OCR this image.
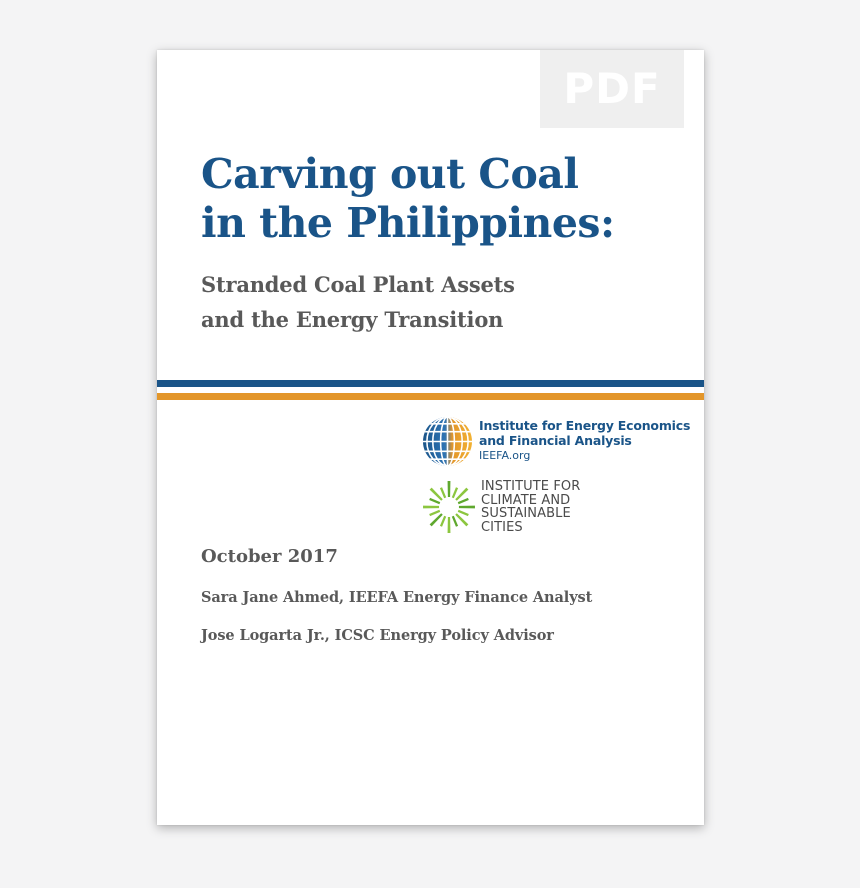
PDF
Carving out Coal
in the Philippines:
Stranded Coal Plant Assets
and the Energy Transition
Institute for Energy Economics
and Financial Analysis
IEEFA.org
INSTITUTE FOR
CLIMATE AND
SUSTAINABLE
CITIES

October 2017

Sara Jane Ahmed, IEEFA Energy Finance Analyst

Jose Logarta Jr., ICSC Energy Policy Advisor
